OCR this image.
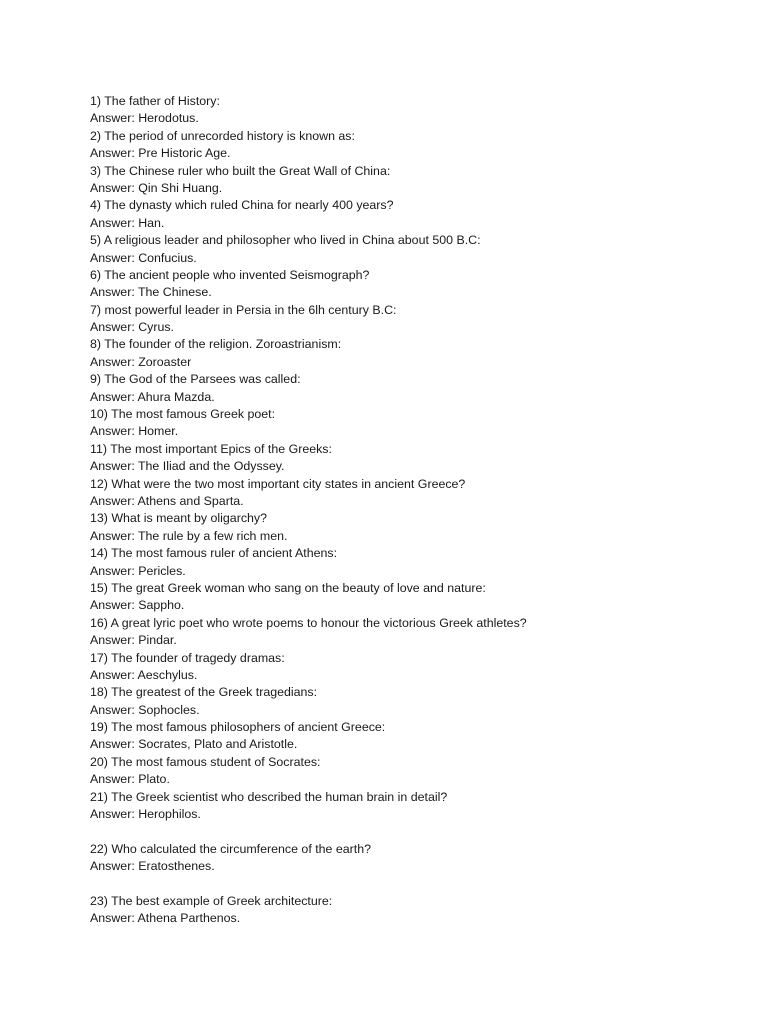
1) The father of History:
Answer: Herodotus.
2) The period of unrecorded history is known as:
Answer: Pre Historic Age.
3) The Chinese ruler who built the Great Wall of China:
Answer: Qin Shi Huang.
4) The dynasty which ruled China for nearly 400 years?
Answer: Han.
5) A religious leader and philosopher who lived in China about 500 B.C:
Answer: Confucius.
6) The ancient people who invented Seismograph?
Answer: The Chinese.
7) most powerful leader in Persia in the 6lh century B.C:
Answer: Cyrus.
8) The founder of the religion. Zoroastrianism:
Answer: Zoroaster
9) The God of the Parsees was called:
Answer: Ahura Mazda.
10) The most famous Greek poet:
Answer: Homer.
11) The most important Epics of the Greeks:
Answer: The Iliad and the Odyssey.
12) What were the two most important city states in ancient Greece?
Answer: Athens and Sparta.
13) What is meant by oligarchy?
Answer: The rule by a few rich men.
14) The most famous ruler of ancient Athens:
Answer: Pericles.
15) The great Greek woman who sang on the beauty of love and nature:
Answer: Sappho.
16) A great lyric poet who wrote poems to honour the victorious Greek athletes?
Answer: Pindar.
17) The founder of tragedy dramas:
Answer: Aeschylus.
18) The greatest of the Greek tragedians:
Answer: Sophocles.
19) The most famous philosophers of ancient Greece:
Answer: Socrates, Plato and Aristotle.
20) The most famous student of Socrates:
Answer: Plato.
21) The Greek scientist who described the human brain in detail?
Answer: Herophilos.
22) Who calculated the circumference of the earth?
Answer: Eratosthenes.
23) The best example of Greek architecture:
Answer: Athena Parthenos.
